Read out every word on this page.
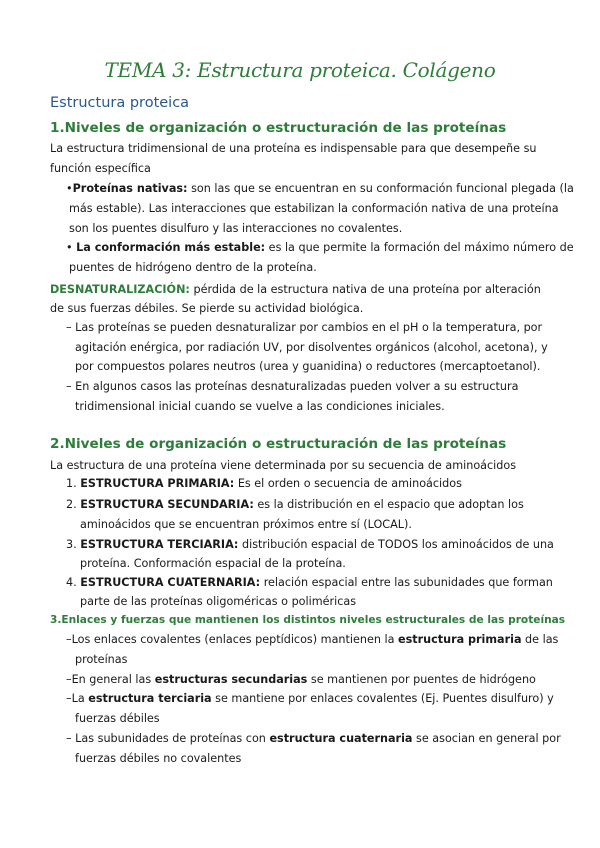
TEMA 3: Estructura proteica. Colágeno
Estructura proteica
1.Niveles de organización o estructuración de las proteínas
La estructura tridimensional de una proteína es indispensable para que desempeñe su
función específica
•Proteínas nativas: son las que se encuentran en su conformación funcional plegada (la
más estable). Las interacciones que estabilizan la conformación nativa de una proteína
son los puentes disulfuro y las interacciones no covalentes.
• La conformación más estable: es la que permite la formación del máximo número de
puentes de hidrógeno dentro de la proteína.
DESNATURALIZACIÓN: pérdida de la estructura nativa de una proteína por alteración
de sus fuerzas débiles. Se pierde su actividad biológica.
– Las proteínas se pueden desnaturalizar por cambios en el pH o la temperatura, por
agitación enérgica, por radiación UV, por disolventes orgánicos (alcohol, acetona), y
por compuestos polares neutros (urea y guanidina) o reductores (mercaptoetanol).
– En algunos casos las proteínas desnaturalizadas pueden volver a su estructura
tridimensional inicial cuando se vuelve a las condiciones iniciales.
2.Niveles de organización o estructuración de las proteínas
La estructura de una proteína viene determinada por su secuencia de aminoácidos
1. ESTRUCTURA PRIMARIA: Es el orden o secuencia de aminoácidos
2. ESTRUCTURA SECUNDARIA: es la distribución en el espacio que adoptan los
aminoácidos que se encuentran próximos entre sí (LOCAL).
3. ESTRUCTURA TERCIARIA: distribución espacial de TODOS los aminoácidos de una
proteína. Conformación espacial de la proteína.
4. ESTRUCTURA CUATERNARIA: relación espacial entre las subunidades que forman
parte de las proteínas oligoméricas o poliméricas
3.Enlaces y fuerzas que mantienen los distintos niveles estructurales de las proteínas
–Los enlaces covalentes (enlaces peptídicos) mantienen la estructura primaria de las
proteínas
–En general las estructuras secundarias se mantienen por puentes de hidrógeno
–La estructura terciaria se mantiene por enlaces covalentes (Ej. Puentes disulfuro) y
fuerzas débiles
– Las subunidades de proteínas con estructura cuaternaria se asocian en general por
fuerzas débiles no covalentes
